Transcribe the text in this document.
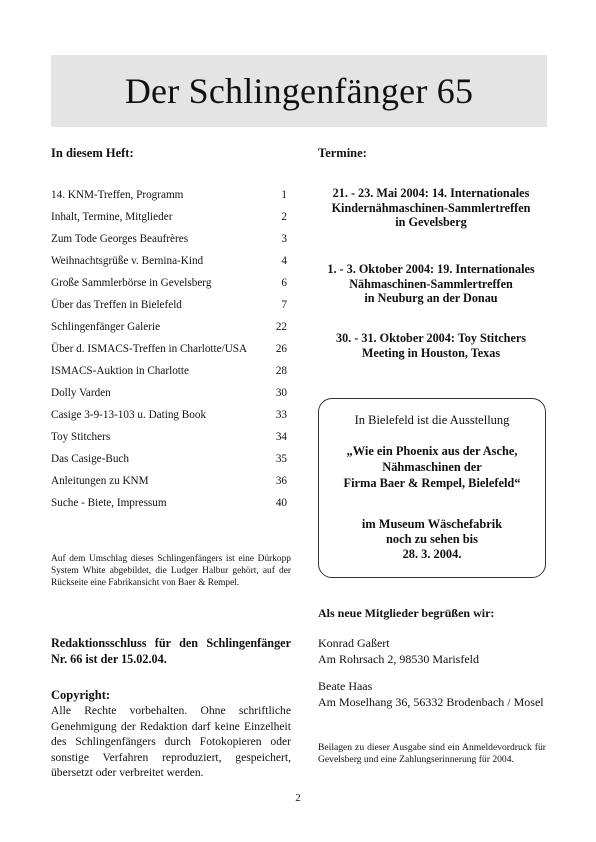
Der Schlingenfänger 65
In diesem Heft:
14. KNM-Treffen, Programm	1
Inhalt, Termine, Mitglieder	2
Zum Tode Georges Beaufrères	3
Weihnachtsgrüße v. Bernina-Kind	4
Große Sammlerbörse in Gevelsberg	6
Über das Treffen in Bielefeld	7
Schlingenfänger Galerie	22
Über d. ISMACS-Treffen in Charlotte/USA	26
ISMACS-Auktion in Charlotte	28
Dolly Varden	30
Casige 3-9-13-103 u. Dating Book	33
Toy Stitchers	34
Das Casige-Buch	35
Anleitungen zu KNM	36
Suche - Biete, Impressum	40
Auf dem Umschlag dieses Schlingenfängers ist eine Dürkopp System White abgebildet, die Ludger Halbur gehört, auf der Rückseite eine Fabrikansicht von Baer & Rempel.
Redaktionsschluss für den Schlingenfänger Nr. 66 ist der 15.02.04.
Copyright:
Alle Rechte vorbehalten. Ohne schriftliche Genehmigung der Redaktion darf keine Einzelheit des Schlingenfängers durch Fotokopieren oder sonstige Verfahren reproduziert, gespeichert, übersetzt oder verbreitet werden.
Termine:
21. - 23. Mai 2004: 14. Internationales
Kindernähmaschinen-Sammlertreffen
in Gevelsberg
1. - 3. Oktober 2004: 19. Internationales
Nähmaschinen-Sammlertreffen
in Neuburg an der Donau
30. - 31. Oktober 2004: Toy Stitchers
Meeting in Houston, Texas
In Bielefeld ist die Ausstellung
„Wie ein Phoenix aus der Asche,
Nähmaschinen der
Firma Baer & Rempel, Bielefeld“
im Museum Wäschefabrik
noch zu sehen bis
28. 3. 2004.
Als neue Mitglieder begrüßen wir:
Konrad Gaßert
Am Rohrsach 2, 98530 Marisfeld
Beate Haas
Am Moselhang 36, 56332 Brodenbach / Mosel
Beilagen zu dieser Ausgabe sind ein Anmeldevordruck für Gevelsberg und eine Zahlungserinnerung für 2004.
2
